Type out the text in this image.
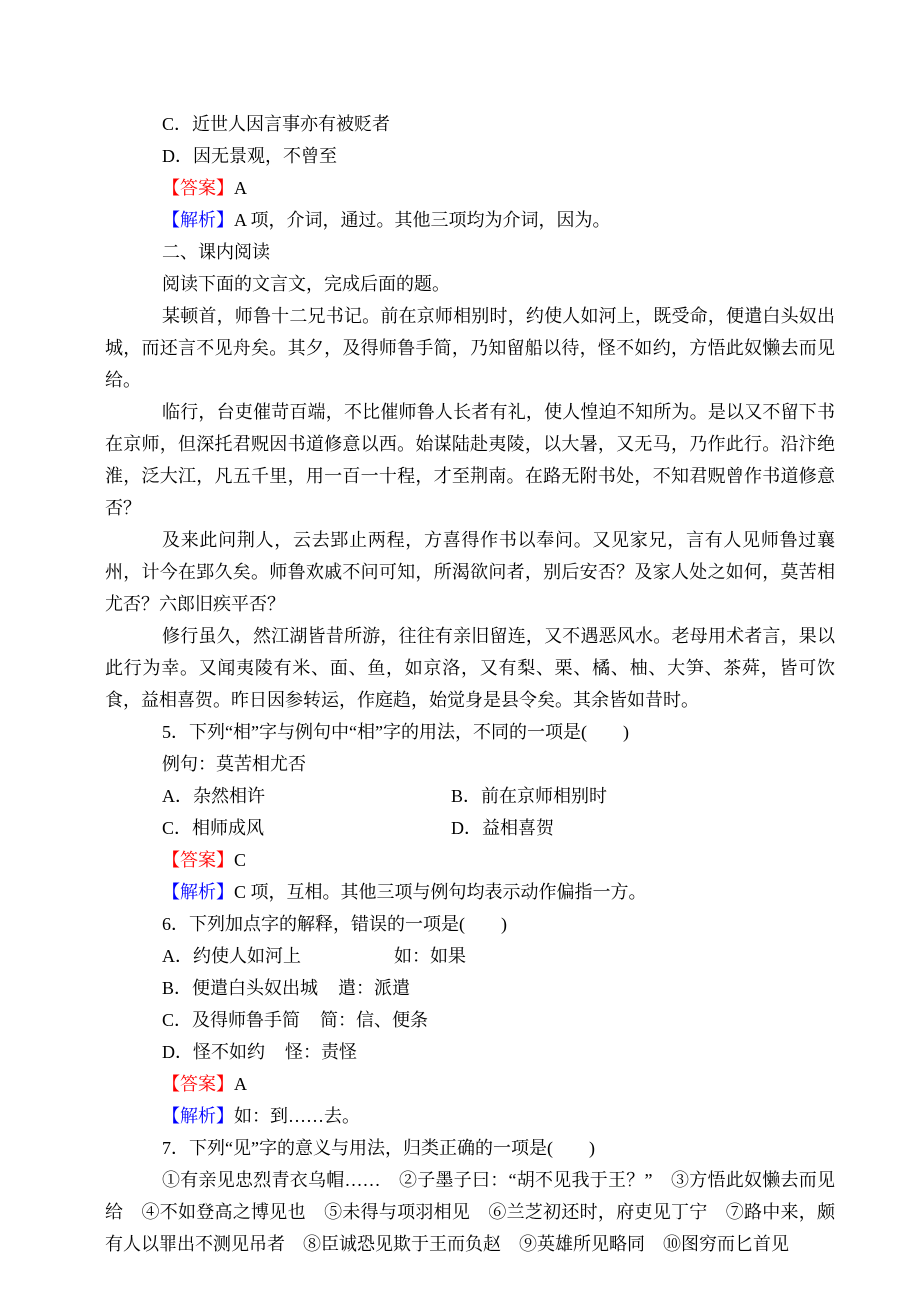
C．近世人因言事亦有被贬者
D．因无景观，不曾至
【答案】A
【解析】A 项，介词，通过。其他三项均为介词，因为。
二、课内阅读
阅读下面的文言文，完成后面的题。

某顿首，师鲁十二兄书记。前在京师相别时，约使人如河上，既受命，便遣白头奴出城，而还言不见舟矣。其夕，及得师鲁手简，乃知留船以待，怪不如约，方悟此奴懒去而见给。

临行，台吏催苛百端，不比催师鲁人长者有礼，使人惶迫不知所为。是以又不留下书在京师，但深托君贶因书道修意以西。始谋陆赴夷陵，以大暑，又无马，乃作此行。沿汴绝淮，泛大江，凡五千里，用一百一十程，才至荆南。在路无附书处，不知君贶曾作书道修意否？

及来此问荆人，云去郢止两程，方喜得作书以奉问。又见家兄，言有人见师鲁过襄州，计今在郢久矣。师鲁欢戚不问可知，所渴欲问者，别后安否？及家人处之如何，莫苦相尤否？六郎旧疾平否？

修行虽久，然江湖皆昔所游，往往有亲旧留连，又不遇恶风水。老母用术者言，果以此行为幸。又闻夷陵有米、面、鱼，如京洛，又有梨、栗、橘、柚、大笋、茶荈，皆可饮食，益相喜贺。昨日因参转运，作庭趋，始觉身是县令矣。其余皆如昔时。

5．下列“相”字与例句中“相”字的用法，不同的一项是(　　)
例句：莫苦相尤否
A．杂然相许	B．前在京师相别时
C．相师成风	D．益相喜贺
【答案】C
【解析】C 项，互相。其他三项与例句均表示动作偏指一方。
6．下列加点字的解释，错误的一项是(　　)
A．约使人如河上	如：如果
B．便遣白头奴出城 遣：派遣
C．及得师鲁手简 简：信、便条
D．怪不如约 怪：责怪
【答案】A
【解析】如：到……去。
7．下列“见”字的意义与用法，归类正确的一项是(　　)

①有亲见忠烈青衣乌帽……　②子墨子曰：“胡不见我于王？”　③方悟此奴懒去而见给　④不如登高之博见也　⑤未得与项羽相见　⑥兰芝初还时，府吏见丁宁　⑦路中来，颇有人以罪出不测见吊者　⑧臣诚恐见欺于王而负赵　⑨英雄所见略同　⑩图穷而匕首见
